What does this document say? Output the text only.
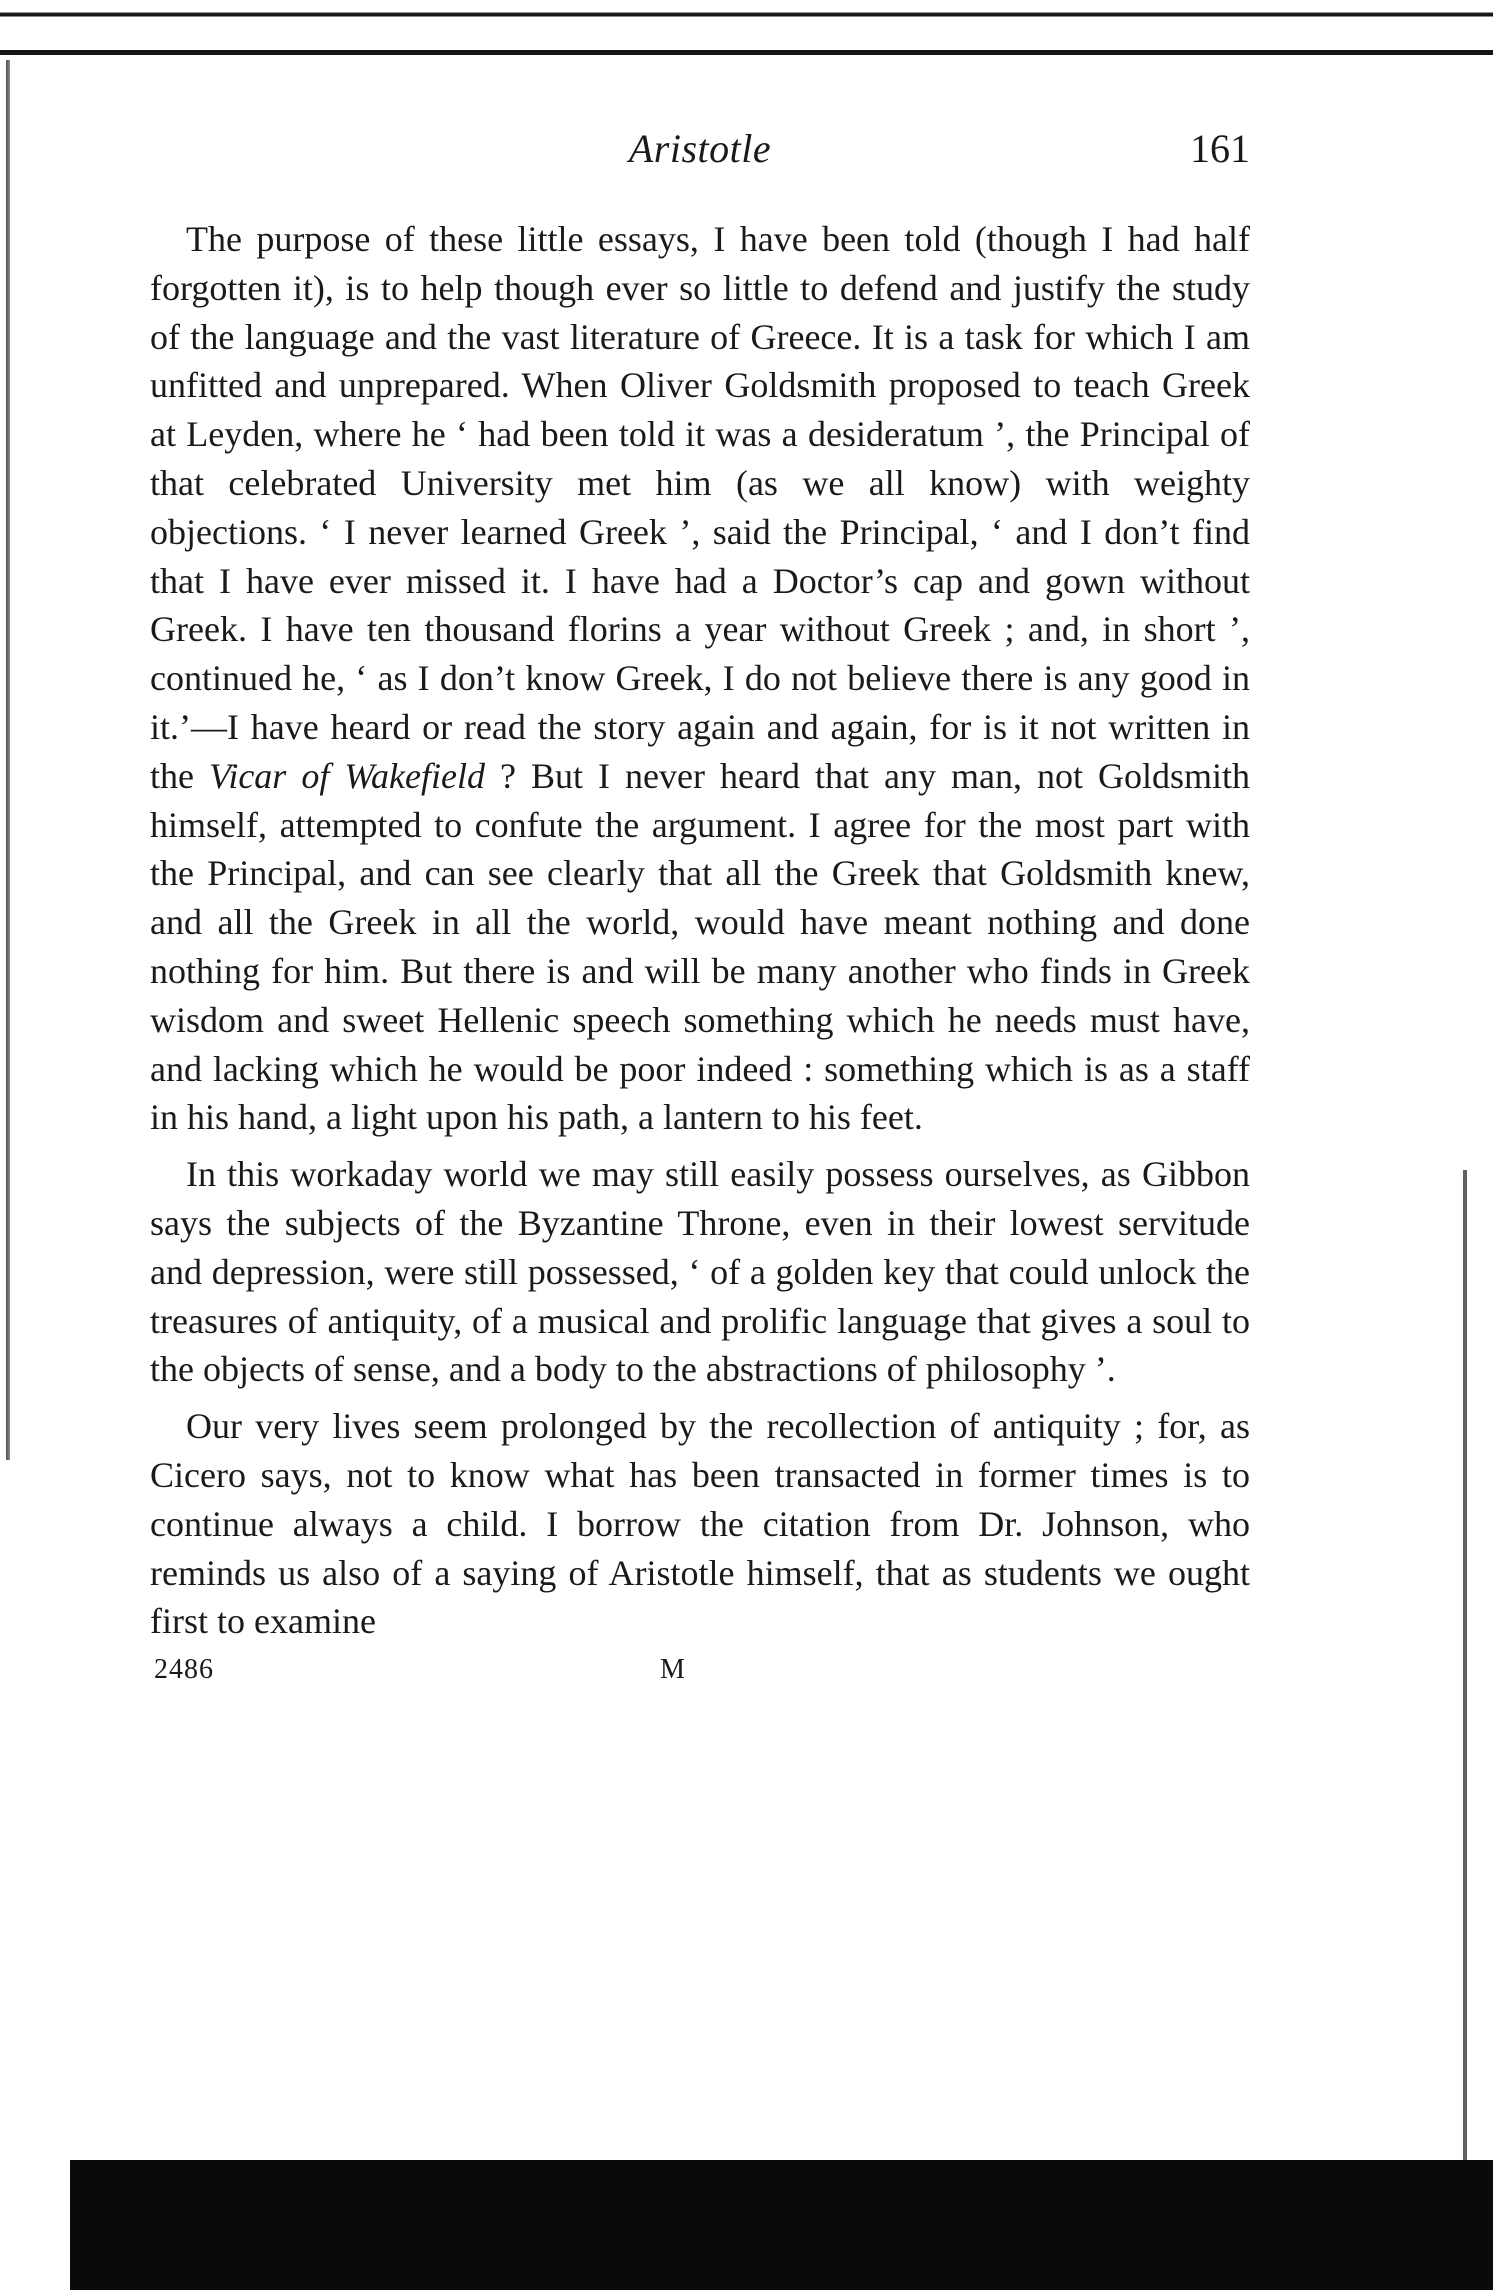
Aristotle	161

The purpose of these little essays, I have been told (though I had half forgotten it), is to help though ever so little to defend and justify the study of the language and the vast literature of Greece. It is a task for which I am unfitted and unprepared. When Oliver Goldsmith proposed to teach Greek at Leyden, where he ‘ had been told it was a desideratum ’, the Principal of that celebrated University met him (as we all know) with weighty objections. ‘ I never learned Greek ’, said the Principal, ‘ and I don’t find that I have ever missed it. I have had a Doctor’s cap and gown without Greek. I have ten thousand florins a year without Greek ; and, in short ’, continued he, ‘ as I don’t know Greek, I do not believe there is any good in it.’—I have heard or read the story again and again, for is it not written in the Vicar of Wakefield ? But I never heard that any man, not Goldsmith himself, attempted to confute the argument. I agree for the most part with the Principal, and can see clearly that all the Greek that Goldsmith knew, and all the Greek in all the world, would have meant nothing and done nothing for him. But there is and will be many another who finds in Greek wisdom and sweet Hellenic speech something which he needs must have, and lacking which he would be poor indeed : something which is as a staff in his hand, a light upon his path, a lantern to his feet.

In this workaday world we may still easily possess ourselves, as Gibbon says the subjects of the Byzantine Throne, even in their lowest servitude and depression, were still possessed, ‘ of a golden key that could unlock the treasures of antiquity, of a musical and prolific language that gives a soul to the objects of sense, and a body to the abstractions of philosophy ’.

Our very lives seem prolonged by the recollection of antiquity ; for, as Cicero says, not to know what has been transacted in former times is to continue always a child. I borrow the citation from Dr. Johnson, who reminds us also of a saying of Aristotle himself, that as students we ought first to examine

2486	M
